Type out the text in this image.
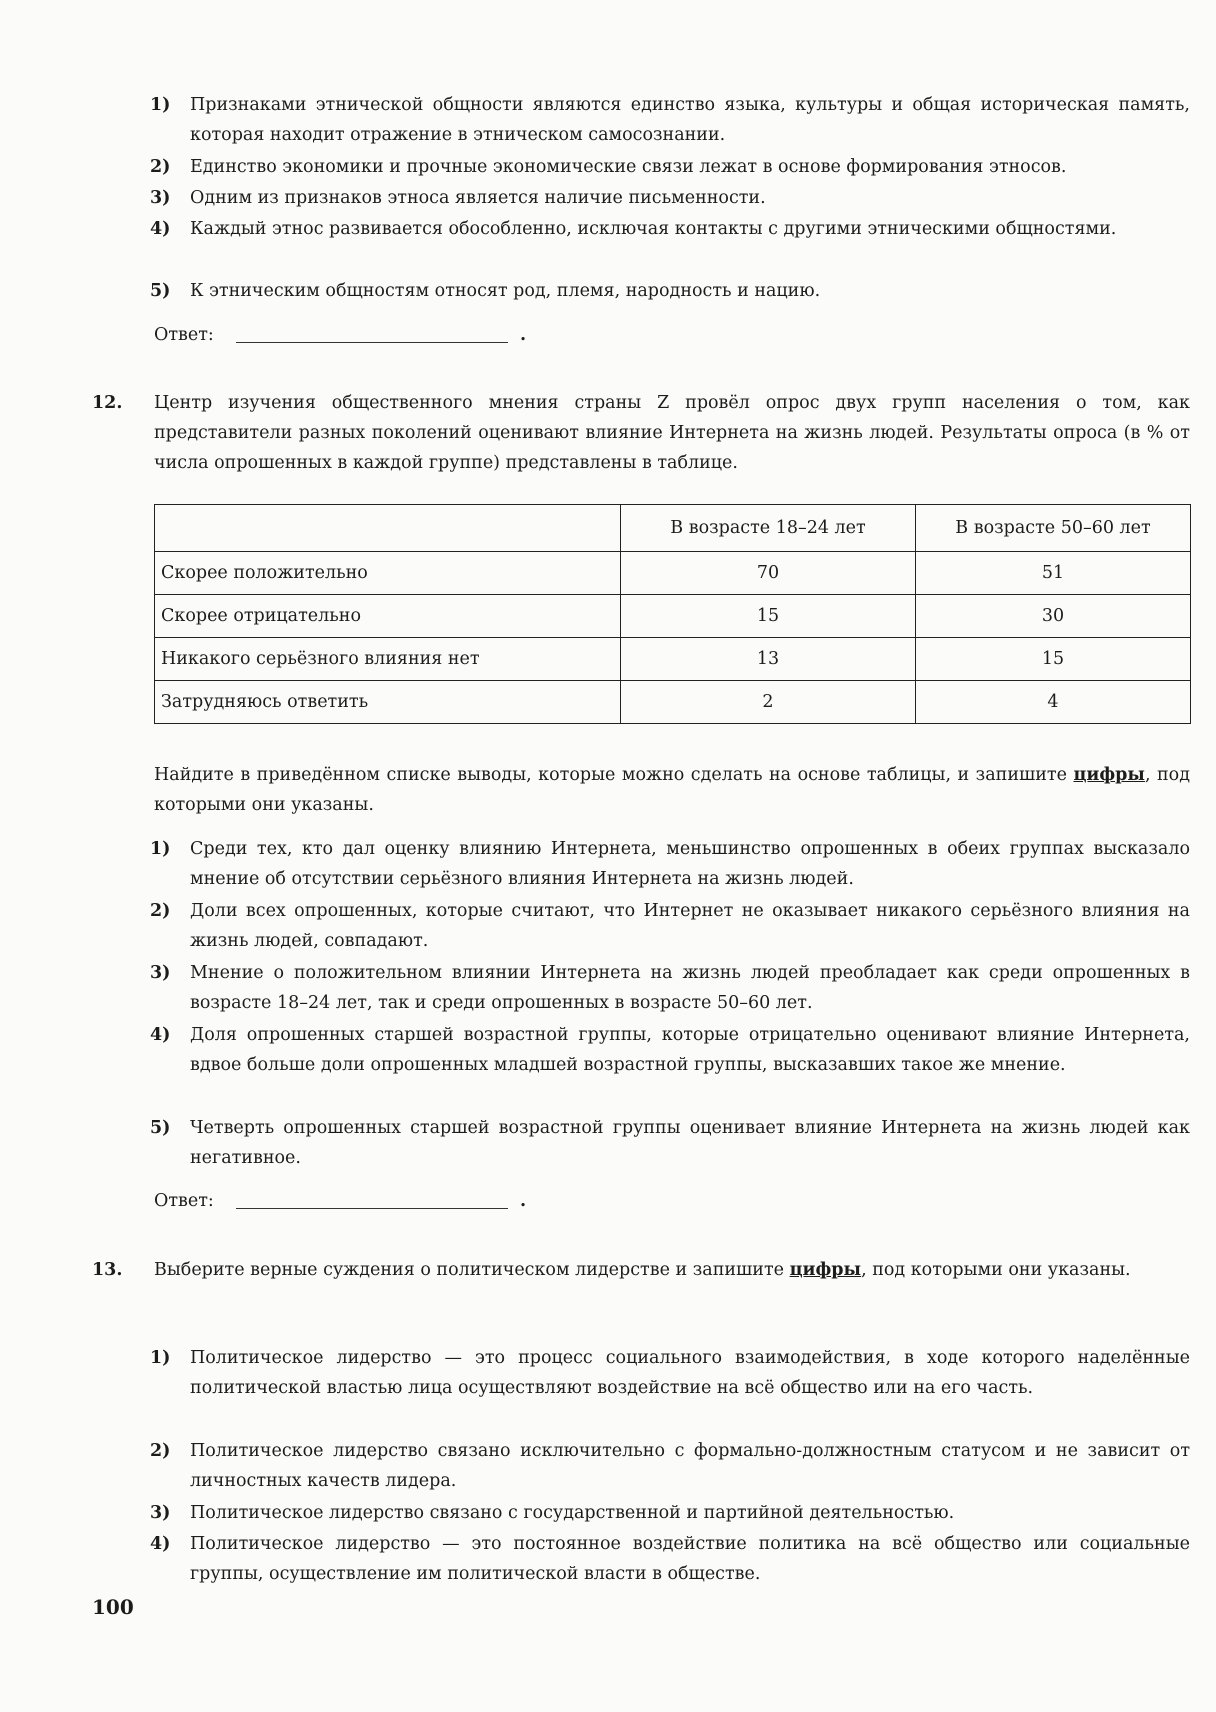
1) Признаками этнической общности являются единство языка, культуры и общая историческая память, которая находит отражение в этническом самосознании.
2) Единство экономики и прочные экономические связи лежат в основе формирования этносов.
3) Одним из признаков этноса является наличие письменности.
4) Каждый этнос развивается обособленно, исключая контакты с другими этническими общностями.
5) К этническим общностям относят род, племя, народность и нацию.
Ответ:	.
12. Центр изучения общественного мнения страны Z провёл опрос двух групп населения о том, как представители разных поколений оценивают влияние Интернета на жизнь людей. Результаты опроса (в % от числа опрошенных в каждой группе) представлены в таблице.
	В возрасте 18–24 лет	В возрасте 50–60 лет
Скорее положительно	70	51
Скорее отрицательно	15	30
Никакого серьёзного влияния нет	13	15
Затрудняюсь ответить	2	4
Найдите в приведённом списке выводы, которые можно сделать на основе таблицы, и запишите цифры, под которыми они указаны.
1) Среди тех, кто дал оценку влиянию Интернета, меньшинство опрошенных в обеих группах высказало мнение об отсутствии серьёзного влияния Интернета на жизнь людей.
2) Доли всех опрошенных, которые считают, что Интернет не оказывает никакого серьёзного влияния на жизнь людей, совпадают.
3) Мнение о положительном влиянии Интернета на жизнь людей преобладает как среди опрошенных в возрасте 18–24 лет, так и среди опрошенных в возрасте 50–60 лет.
4) Доля опрошенных старшей возрастной группы, которые отрицательно оценивают влияние Интернета, вдвое больше доли опрошенных младшей возрастной группы, высказавших такое же мнение.
5) Четверть опрошенных старшей возрастной группы оценивает влияние Интернета на жизнь людей как негативное.
Ответ:	.
13. Выберите верные суждения о политическом лидерстве и запишите цифры, под которыми они указаны.
1) Политическое лидерство — это процесс социального взаимодействия, в ходе которого наделённые политической властью лица осуществляют воздействие на всё общество или на его часть.
2) Политическое лидерство связано исключительно с формально-должностным статусом и не зависит от личностных качеств лидера.
3) Политическое лидерство связано с государственной и партийной деятельностью.
4) Политическое лидерство — это постоянное воздействие политика на всё общество или социальные группы, осуществление им политической власти в обществе.
100
